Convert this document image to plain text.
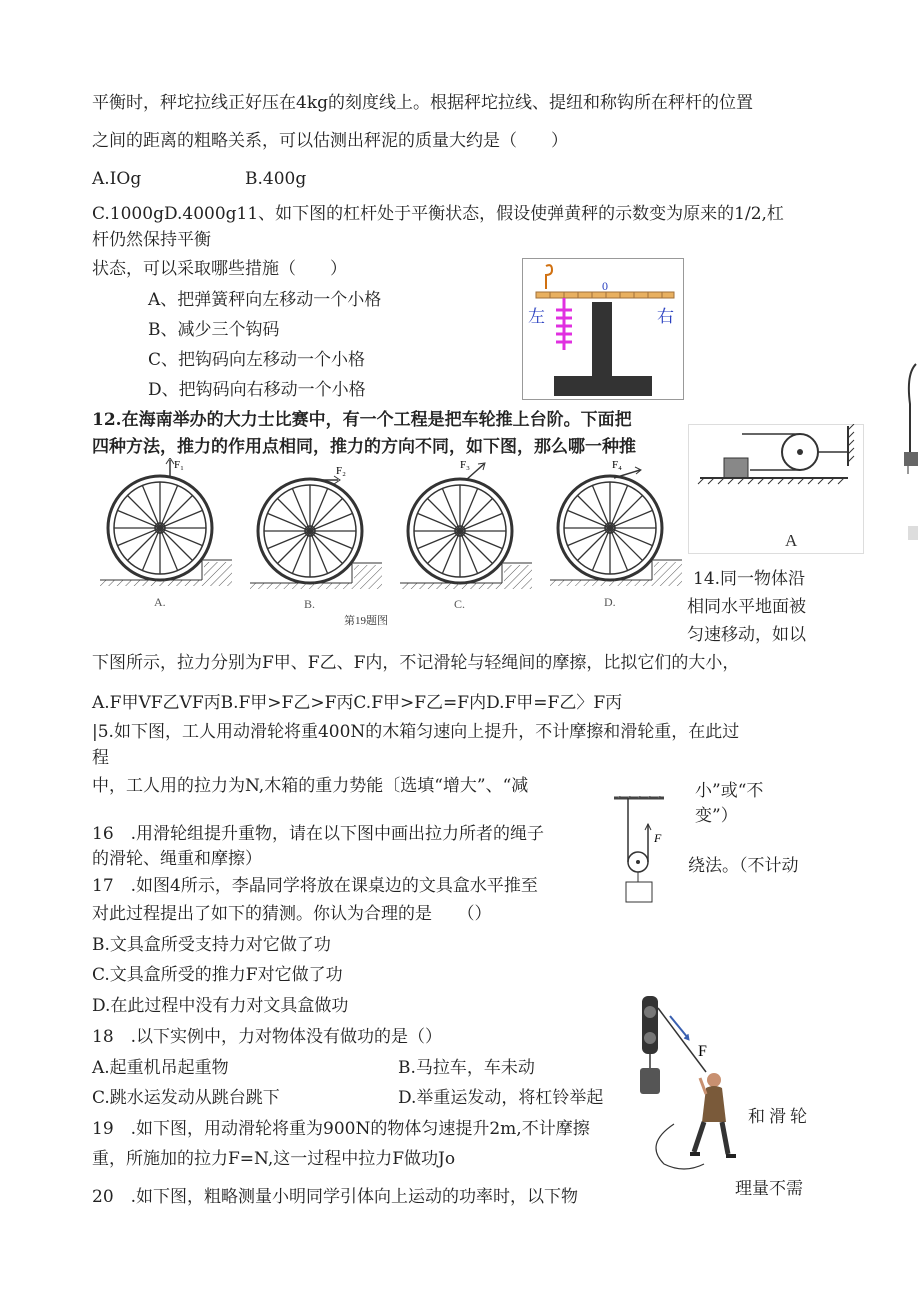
平衡时，秤坨拉线正好压在4kg的刻度线上。根据秤坨拉线、提纽和称钩所在秤杆的位置
之间的距离的粗略关系，可以估测出秤泥的质量大约是（　　）
A.IOg	B.400g
C.1000gD.4000g11、如下图的杠杆处于平衡状态，假设使弹黄秤的示数变为原来的1/2,杠
杆仍然保持平衡
状态，可以采取哪些措施（　　）
A、把弹簧秤向左移动一个小格
B、减少三个钩码
C、把钩码向左移动一个小格
D、把钩码向右移动一个小格
12.在海南举办的大力士比赛中，有一个工程是把车轮推上台阶。下面把
四种方法，推力的作用点相同，推力的方向不同，如下图，那么哪一种推
14.同一物体沿
相同水平地面被
匀速移动，如以
下图所示，拉力分别为F甲、F乙、F内，不记滑轮与轻绳间的摩擦，比拟它们的大小，
A.F甲VF乙VF丙B.F甲>F乙>F丙C.F甲>F乙=F内D.F甲=F乙〉F丙
|5.如下图，工人用动滑轮将重400N的木箱匀速向上提升，不计摩擦和滑轮重，在此过
程
中，工人用的拉力为N,木箱的重力势能〔选填“增大”、“减	小”或“不
变”）
16　.用滑轮组提升重物，请在以下图中画出拉力所者的绳子
绕法。（不计动
的滑轮、绳重和摩擦）
17　.如图4所示，李晶同学将放在课桌边的文具盒水平推至
对此过程提出了如下的猜测。你认为合理的是　　（）
B.文具盒所受支持力对它做了功
C.文具盒所受的推力F对它做了功
D.在此过程中没有力对文具盒做功
18　.以下实例中，力对物体没有做功的是（）
A.起重机吊起重物	B.马拉车，车未动
C.跳水运发动从跳台跳下	D.举重运发动，将杠铃举起
19　.如下图，用动滑轮将重为900N的物体匀速提升2m,不计摩擦
和滑轮
重，所施加的拉力F=N,这一过程中拉力F做功Jo
20　.如下图，粗略测量小明同学引体向上运动的功率时，以下物	理量不需
0
左	右
F₁
A.
F₂
B.
F₃
C.
F₄
D.
第19题图
A
F
F
